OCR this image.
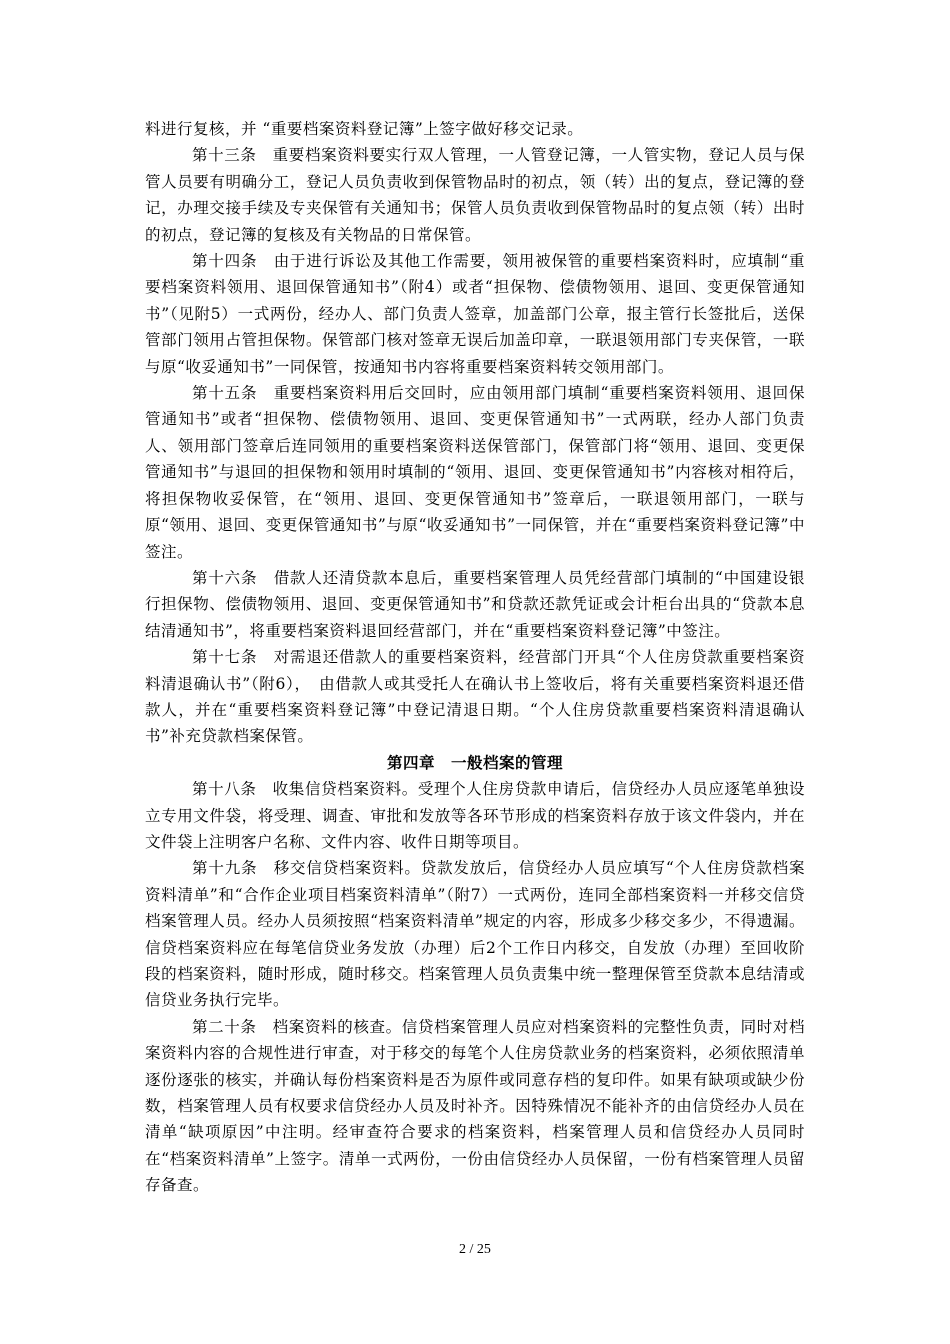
料进行复核，并 “重要档案资料登记簿”上签字做好移交记录。

第十三条　重要档案资料要实行双人管理，一人管登记簿，一人管实物，登记人员与保管人员要有明确分工，登记人员负责收到保管物品时的初点，领（转）出的复点，登记簿的登记，办理交接手续及专夹保管有关通知书；保管人员负责收到保管物品时的复点领（转）出时的初点，登记簿的复核及有关物品的日常保管。

第十四条　由于进行诉讼及其他工作需要，领用被保管的重要档案资料时，应填制“重要档案资料领用、退回保管通知书”（附4）或者“担保物、偿债物领用、退回、变更保管通知书”（见附5）一式两份，经办人、部门负责人签章，加盖部门公章，报主管行长签批后，送保管部门领用占管担保物。保管部门核对签章无误后加盖印章，一联退领用部门专夹保管，一联与原“收妥通知书”一同保管，按通知书内容将重要档案资料转交领用部门。

第十五条　重要档案资料用后交回时，应由领用部门填制“重要档案资料领用、退回保管通知书”或者“担保物、偿债物领用、退回、变更保管通知书”一式两联，经办人部门负责人、领用部门签章后连同领用的重要档案资料送保管部门，保管部门将“领用、退回、变更保管通知书”与退回的担保物和领用时填制的“领用、退回、变更保管通知书”内容核对相符后，将担保物收妥保管，在“领用、退回、变更保管通知书”签章后，一联退领用部门，一联与原“领用、退回、变更保管通知书”与原“收妥通知书”一同保管，并在“重要档案资料登记簿”中签注。

第十六条　借款人还清贷款本息后，重要档案管理人员凭经营部门填制的“中国建设银行担保物、偿债物领用、退回、变更保管通知书”和贷款还款凭证或会计柜台出具的“贷款本息结清通知书”，将重要档案资料退回经营部门，并在“重要档案资料登记簿”中签注。

第十七条　对需退还借款人的重要档案资料，经营部门开具“个人住房贷款重要档案资料清退确认书”（附6），　由借款人或其受托人在确认书上签收后，将有关重要档案资料退还借款人，并在“重要档案资料登记簿”中登记清退日期。“个人住房贷款重要档案资料清退确认书”补充贷款档案保管。

第四章　一般档案的管理

第十八条　收集信贷档案资料。受理个人住房贷款申请后，信贷经办人员应逐笔单独设立专用文件袋，将受理、调查、审批和发放等各环节形成的档案资料存放于该文件袋内，并在文件袋上注明客户名称、文件内容、收件日期等项目。

第十九条　移交信贷档案资料。贷款发放后，信贷经办人员应填写“个人住房贷款档案资料清单”和“合作企业项目档案资料清单”（附7）一式两份，连同全部档案资料一并移交信贷档案管理人员。经办人员须按照“档案资料清单”规定的内容，形成多少移交多少，不得遗漏。信贷档案资料应在每笔信贷业务发放（办理）后2个工作日内移交，自发放（办理）至回收阶段的档案资料，随时形成，随时移交。档案管理人员负责集中统一整理保管至贷款本息结清或信贷业务执行完毕。

第二十条　档案资料的核查。信贷档案管理人员应对档案资料的完整性负责，同时对档案资料内容的合规性进行审查，对于移交的每笔个人住房贷款业务的档案资料，必须依照清单逐份逐张的核实，并确认每份档案资料是否为原件或同意存档的复印件。如果有缺项或缺少份数，档案管理人员有权要求信贷经办人员及时补齐。因特殊情况不能补齐的由信贷经办人员在清单“缺项原因”中注明。经审查符合要求的档案资料，档案管理人员和信贷经办人员同时在“档案资料清单”上签字。清单一式两份，一份由信贷经办人员保留，一份有档案管理人员留存备查。

2 / 25
